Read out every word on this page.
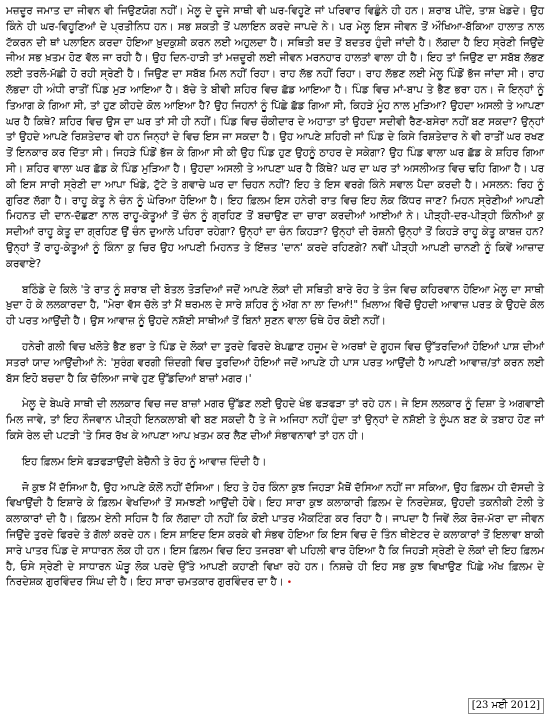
ਮਜ਼ਦੂਰ ਜਮਾਤ ਦਾ ਜੀਵਨ ਵੀ ਜਿਉਣਯੋਗ ਨਹੀਂ। ਮੇਲੂ ਦੇ ਦੂਜੇ ਸਾਥੀ ਵੀ ਘਰ-ਵਿਹੂਣੇ ਜਾਂ ਪਰਿਵਾਰ ਵਿਛੁੰਨੇ ਹੀ ਹਨ। ਸ਼ਰਾਬ ਪੀਂਦੇ, ਤਾਸ਼ ਖੇਡਦੇ। ਉਹ ਕਿੰਨੇ ਹੀ ਘਰ-ਵਿਹੂਣਿਆਂ ਦੇ ਪ੍ਰਤੀਨਿਧ ਹਨ। ਸਭ ਸ਼ਕਤੀ ਤੋਂ ਪਲਾਇਨ ਕਰਦੇ ਜਾਪਦੇ ਨੇ। ਪਰ ਮੇਲੂ ਇਸ ਜੀਵਨ ਤੋਂ ਔਖਿਆ-ਬੱਕਿਆ ਹਾਲਾਤ ਨਾਲ ਟੱਕਰਨ ਦੀ ਥਾਂ ਪਲਾਇਨ ਕਰਦਾ ਹੋਇਆ ਖ਼ੁਦਕੁਸ਼ੀ ਕਰਨ ਲਈ ਅਹੁਲਦਾ ਹੈ। ਸਥਿਤੀ ਬਦ ਤੋਂ ਬਦਤਰ ਹੁੰਦੀ ਜਾਂਦੀ ਹੈ। ਲੱਗਦਾ ਹੈ ਇਹ ਸ੍ਰੇਣੀ ਜਿਉਂਦੇ ਜੀਅ ਸਭ ਖ਼ਤਮ ਹੋਣ ਵੱਲ ਜਾ ਰਹੀ ਹੈ। ਉਹ ਦਿਨ-ਹਾੜੀ ਤਾਂ ਮਜ਼ਦੂਰੀ ਲਈ ਜੀਵਨ ਮਰਨਹਾਰ ਹਾਲਤਾਂ ਵਾਲਾ ਹੀ ਹੈ। ਇਹ ਤਾਂ ਜਿਉਣ ਦਾ ਸਬੱਬ ਲੱਭਣ ਲਈ ਤਰਲੋ-ਮੱਛੀ ਹੋ ਰਹੀ ਸ੍ਰੇਣੀ ਹੈ। ਜਿਉਣ ਦਾ ਸਬੱਬ ਮਿਲ ਨਹੀਂ ਰਿਹਾ। ਰਾਹ ਲੱਭ ਨਹੀਂ ਰਿਹਾ। ਰਾਹ ਲੱਭਣ ਲਈ ਮੇਲੂ ਪਿੰਡੋਂ ਭੱਜ ਜਾਂਦਾ ਸੀ। ਰਾਹ ਲੱਭਦਾ ਹੀ ਅੰਧੀ ਰਾਤੀਂ ਪਿੰਡ ਮੁੜ ਆਇਆ ਹੈ। ਬੱਚੇ ਤੇ ਬੀਵੀ ਸ਼ਹਿਰ ਵਿਚ ਛੱਡ ਆਇਆ ਹੈ। ਪਿੰਡ ਵਿਚ ਮਾਂ-ਬਾਪ ਤੇ ਭੈਣ ਭਰਾ ਹਨ। ਜੋ ਇਨ੍ਹਾਂ ਨੂੰ ਤਿਆਗ ਕੇ ਗਿਆ ਸੀ, ਤਾਂ ਹੁਣ ਕੀਹਦੇ ਕੋਲ ਆਇਆ ਹੈ? ਉਹ ਜਿਹਨਾਂ ਨੂੰ ਪਿੱਛੇ ਛੱਡ ਗਿਆ ਸੀ, ਕਿਹੜੇ ਮੂੰਹ ਨਾਲ ਮੁੜਿਆ? ਉਹਦਾ ਅਸਲੀ ਤੇ ਆਪਣਾ ਘਰ ਹੈ ਕਿਥੇ? ਸ਼ਹਿਰ ਵਿਚ ਉਸ ਦਾ ਘਰ ਤਾਂ ਸੀ ਹੀ ਨਹੀਂ। ਪਿੰਡ ਵਿਚ ਚੌਕੀਦਾਰ ਦੇ ਅਹਾਤਾ ਤਾਂ ਉਹਦਾ ਸਦੀਵੀ ਰੈਣ-ਬਸੇਰਾ ਨਹੀਂ ਬਣ ਸਕਦਾ? ਉਨ੍ਹਾਂ ਤਾਂ ਉਹਦੇ ਆਪਣੇ ਰਿਸ਼ਤੇਦਾਰ ਵੀ ਹਨ ਜਿਨ੍ਹਾਂ ਦੇ ਵਿਚ ਇਸ ਜਾ ਸਕਦਾ ਹੈ। ਉਹ ਆਪਣੇ ਸ਼ਹਿਰੀ ਜਾਂ ਪਿੰਡ ਦੇ ਕਿਸੇ ਰਿਸ਼ਤੇਦਾਰ ਨੇ ਵੀ ਰਾਤੀਂ ਘਰ ਰਖਣ ਤੋਂ ਇਨਕਾਰ ਕਰ ਦਿੱਤਾ ਸੀ। ਜਿਹੜੇ ਪਿੰਡੋਂ ਭੱਜ ਕੇ ਗਿਆ ਸੀ ਕੀ ਉਹ ਪਿੰਡ ਹੁਣ ਉਹਨੂੰ ਠਾਹਰ ਦੇ ਸਕੇਗਾ? ਉਹ ਪਿੰਡ ਵਾਲਾ ਘਰ ਛੱਡ ਕੇ ਸ਼ਹਿਰ ਗਿਆ ਸੀ। ਸ਼ਹਿਰ ਵਾਲਾ ਘਰ ਛੱਡ ਕੇ ਪਿੰਡ ਮੁੜਿਆ ਹੈ। ਉਹਦਾ ਅਸਲੀ ਤੇ ਆਪਣਾ ਘਰ ਹੈ ਕਿੱਥੇ? ਘਰ ਦਾ ਘਰ ਤਾਂ ਅਸਲੀਅਤ ਵਿਚ ਢਹਿ ਗਿਆ ਹੈ। ਪਰ ਕੀ ਇਸ ਸਾਰੀ ਸ੍ਰੇਣੀ ਦਾ ਆਪਾ ਖਿੰਡੇ, ਟੁੱਟੇ ਤੇ ਗਵਾਚੇ ਘਰ ਦਾ ਚਿਹਨ ਨਹੀਂ? ਇਹ ਤੇ ਇਸ ਵਰਗੇ ਕਿੰਨੇ ਸਵਾਲ ਪੈਦਾ ਕਰਦੀ ਹੈ। ਮਸਲਨ: ਰਿਹ ਨੂੰ ਗੁਰਿਣ ਲੱਗਾ ਹੈ। ਰਾਹੂ ਕੇਤੂ ਨੇ ਚੰਨ ਨੂੰ ਘੇਰਿਆ ਹੋਇਆ ਹੈ। ਇਹ ਫ਼ਿਲਮ ਇਸ ਹਨੇਰੀ ਰਾਤ ਵਿਚ ਇਹ ਲੋਕ ਕਿੱਧਰ ਜਾਣ? ਮਿਹਨ ਸ੍ਰੇਣੀਆਂ ਆਪਣੀ ਮਿਹਨਤ ਦੀ ਦਾਨ-ਦੱਛਣਾ ਨਾਲ ਰਾਹੂ-ਕੇਤੂਆਂ ਤੋਂ ਚੰਨ ਨੂੰ ਗ੍ਰਹਿਣ ਤੋਂ ਬਚਾਉਣ ਦਾ ਚਾਰਾ ਕਰਦੀਆਂ ਆਈਆਂ ਨੇ। ਪੀੜ੍ਹੀ-ਦਰ-ਪੀੜ੍ਹੀ ਕਿੰਨੀਆਂ ਕੁ ਸਦੀਆਂ ਰਾਹੂ ਕੇਤੂ ਦਾ ਗ੍ਰਹਿਣ ਉਂ ਚੰਨ ਦੁਆਲੇ ਪਹਿਰਾ ਰਹੇਗਾ? ਉਨ੍ਹਾਂ ਦਾ ਚੰਨ ਕਿਹੜਾ? ਉਨ੍ਹਾਂ ਦੀ ਰੋਸ਼ਨੀ ਉਨ੍ਹਾਂ ਤੋਂ ਕਿਹੜੇ ਰਾਹੂ ਕੇਤੂ ਕਾਬਜ਼ ਹਨ? ਉਨ੍ਹਾਂ ਤੋਂ ਰਾਹੂ-ਕੇਤੂਆਂ ਨੂੰ ਕਿੰਨਾ ਕੁ ਚਿਰ ਉਹ ਆਪਣੀ ਮਿਹਨਤ ਤੇ ਇੱਜ਼ਤ 'ਦਾਨ' ਕਰਦੇ ਰਹਿਣਗੇ? ਨਵੀਂ ਪੀੜ੍ਹੀ ਆਪਣੀ ਚਾਨਣੀ ਨੂੰ ਕਿਵੇਂ ਆਜ਼ਾਦ ਕਰਵਾਏ?

ਬਠਿੰਡੇ ਦੇ ਕਿਲੇ 'ਤੇ ਰਾਤ ਨੂੰ ਸ਼ਰਾਬ ਦੀ ਬੋਤਲ ਤੋੜਦਿਆਂ ਜਦੋਂ ਆਪਣੇ ਲੋਕਾਂ ਦੀ ਸਥਿਤੀ ਬਾਰੇ ਰੋਹ ਤੇ ਤੰਜ ਵਿਚ ਕਹਿਰਵਾਨ ਹੋਇਆ ਮੇਲੂ ਦਾ ਸਾਥੀ ਖ਼ੁਦਾ ਹੋ ਕੇ ਲਲਕਾਰਦਾ ਹੈ, "ਮੇਰਾ ਵੱਸ ਚੱਲੇ ਤਾਂ ਮੈਂ ਥਰਮਲ ਦੇ ਸਾਰੇ ਸ਼ਹਿਰ ਨੂੰ ਅੱਗ ਨਾ ਲਾ ਦਿਆਂ!" ਖ਼ਿਲਾਅ ਵਿੱਚੋਂ ਉਹਦੀ ਆਵਾਜ਼ ਪਰਤ ਕੇ ਉਹਦੇ ਕੋਲ ਹੀ ਪਰਤ ਆਉਂਦੀ ਹੈ। ਉਸ ਆਵਾਜ਼ ਨੂੰ ਉਹਦੇ ਨਸ਼ੱਈ ਸਾਥੀਆਂ ਤੋਂ ਬਿਨਾਂ ਸੁਣਨ ਵਾਲਾ ਓਥੇ ਹੋਰ ਕੋਈ ਨਹੀਂ।

ਹਨੇਰੀ ਗਲੀ ਵਿਚ ਖਲੋਤੇ ਭੈਣ ਭਰਾ ਤੇ ਪਿੰਡ ਦੇ ਲੋਕਾਂ ਦਾ ਤੁਰਦੇ ਫਿਰਦੇ ਬੇਪਛਾਣ ਹਜੂਮ ਦੇ ਅਰਥਾਂ ਦੇ ਗੂਹਜ ਵਿਚ ਉੱਤਰਦਿਆਂ ਹੋਇਆਂ ਪਾਸ਼ ਦੀਆਂ ਸਤਰਾਂ ਯਾਦ ਆਉਂਦੀਆਂ ਨੇ: 'ਸੁਰੰਗ ਵਰਗੀ ਜ਼ਿੰਦਗੀ ਵਿਚ ਤੁਰਦਿਆਂ ਹੋਇਆਂ ਜਦੋਂ ਆਪਣੇ ਹੀ ਪਾਸ ਪਰਤ ਆਉਂਦੀ ਹੈ ਆਪਣੀ ਆਵਾਜ਼/ਤਾਂ ਕਰਨ ਲਈ ਬੱਸ ਇਹੋ ਬਚਦਾ ਹੈ ਕਿ ਚੱਲਿਆ ਜਾਵੇ ਹੁਣ ਉੱਡਦਿਆਂ ਬਾਜ਼ਾਂ ਮਗਰ।'

ਮੇਲੂ ਦੇ ਬੇਘਰੇ ਸਾਥੀ ਦੀ ਲਲਕਾਰ ਵਿਚ ਜਦ ਬਾਜ਼ਾਂ ਮਗਰ ਉੱਡਣ ਲਈ ਉਹਦੇ ਖੰਭ ਫੜਫੜਾ ਤਾਂ ਰਹੇ ਹਨ। ਜੇ ਇਸ ਲਲਕਾਰ ਨੂੰ ਦਿਸ਼ਾ ਤੇ ਅਗਵਾਈ ਮਿਲ ਜਾਵੇ, ਤਾਂ ਇਹ ਨੌਜਵਾਨ ਪੀੜ੍ਹੀ ਇਨਕਲਾਬੀ ਵੀ ਬਣ ਸਕਦੀ ਹੈ ਤੇ ਜੇ ਅਜਿਹਾ ਨਹੀਂ ਹੁੰਦਾ ਤਾਂ ਉਨ੍ਹਾਂ ਦੇ ਨਸ਼ੱਈ ਤੇ ਲੂੰਪਨ ਬਣ ਕੇ ਤਬਾਹ ਹੋਣ ਜਾਂ ਕਿਸੇ ਰੇਲ ਦੀ ਪਟੜੀ 'ਤੇ ਸਿਰ ਰੱਖ ਕੇ ਆਪਣਾ ਆਪ ਖ਼ਤਮ ਕਰ ਲੈਣ ਦੀਆਂ ਸੰਭਾਵਨਾਵਾਂ ਤਾਂ ਹਨ ਹੀ।

ਇਹ ਫ਼ਿਲਮ ਇਸੇ ਫੜਫੜਾਉਂਦੀ ਬੇਚੈਨੀ ਤੇ ਰੋਹ ਨੂੰ ਆਵਾਜ਼ ਦਿੰਦੀ ਹੈ।

ਜੋ ਕੁਝ ਮੈਂ ਦੱਸਿਆ ਹੈ, ਉਹ ਆਪਣੇ ਕੋਲੋਂ ਨਹੀਂ ਦੱਸਿਆ। ਇਹ ਤੇ ਹੋਰ ਕਿੰਨਾ ਕੁਝ ਜਿਹੜਾ ਮੈਥੋਂ ਦੱਸਿਆ ਨਹੀਂ ਜਾ ਸਕਿਆ, ਉਹ ਫ਼ਿਲਮ ਹੀ ਦੱਸਦੀ ਤੇ ਵਿਖਾਉਂਦੀ ਹੈ ਇਸ਼ਾਰੇ ਕੇ ਫ਼ਿਲਮ ਵੇਖਦਿਆਂ ਤੋਂ ਸਮਝਣੀ ਆਉਂਦੀ ਹੋਵੇ। ਇਹ ਸਾਰਾ ਕੁਝ ਕਲਾਕਾਰੀ ਫ਼ਿਲਮ ਦੇ ਨਿਰਦੇਸ਼ਕ, ਉਹਦੀ ਤਕਨੀਕੀ ਟੋਲੀ ਤੇ ਕਲਾਕਾਰਾਂ ਦੀ ਹੈ। ਫ਼ਿਲਮ ਏਨੀ ਸਹਿਜ ਹੈ ਕਿ ਲੱਗਦਾ ਹੀ ਨਹੀਂ ਕਿ ਕੋਈ ਪਾਤਰ ਐਕਟਿੰਗ ਕਰ ਰਿਹਾ ਹੈ। ਜਾਪਦਾ ਹੈ ਜਿਵੇਂ ਲੋਕ ਰੋਜ਼-ਮੱਰਾ ਦਾ ਜੀਵਨ ਜਿਉਂਦੇ ਤੁਰਦੇ ਫਿਰਦੇ ਤੇ ਗੱਲਾਂ ਕਰਦੇ ਹਨ। ਇਸ ਸ਼ਾਇਦ ਇਸ ਕਰਕੇ ਵੀ ਸੰਭਵ ਹੋਇਆ ਕਿ ਇਸ ਵਿਚ ਦੋ ਤਿੰਨ ਥੀਏਟਰ ਦੇ ਕਲਾਕਾਰਾਂ ਤੋਂ ਇਲਾਵਾ ਬਾਕੀ ਸਾਰੇ ਪਾਤਰ ਪਿੰਡ ਦੇ ਸਾਧਾਰਨ ਲੋਕ ਹੀ ਹਨ। ਇਸ ਫ਼ਿਲਮ ਵਿਚ ਇਹ ਤਜਰਬਾ ਵੀ ਪਹਿਲੀ ਵਾਰ ਹੋਇਆ ਹੈ ਕਿ ਜਿਹੜੀ ਸ੍ਰੇਣੀ ਦੇ ਲੋਕਾਂ ਦੀ ਇਹ ਫ਼ਿਲਮ ਹੈ, ਓਸੇ ਸ੍ਰੇਣੀ ਦੇ ਸਾਧਾਰਨ ਘੋੜੂ ਲੋਕ ਪਰਦੇ ਉੱਤੇ ਆਪਣੀ ਕਹਾਣੀ ਵਿਖਾ ਰਹੇ ਹਨ। ਨਿਸ਼ਚੇ ਹੀ ਇਹ ਸਭ ਕੁਝ ਵਿਖਾਉਣ ਪਿੱਛੇ ਅੱਖ ਫ਼ਿਲਮ ਦੇ ਨਿਰਦੇਸ਼ਕ ਗੁਰਵਿੰਦਰ ਸਿੰਘ ਦੀ ਹੈ। ਇਹ ਸਾਰਾ ਚਮਤਕਾਰ ਗੁਰਵਿੰਦਰ ਦਾ ਹੈ। •

[23 ਮਈ 2012]
